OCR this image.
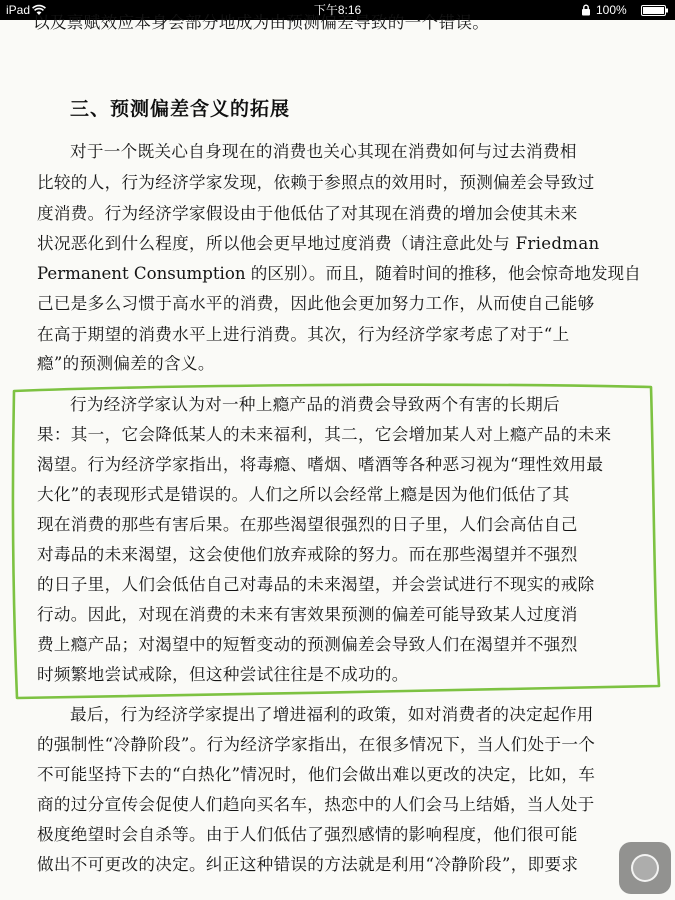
iPad	下午8:16	100%
以及禀赋效应本身会部分地成为由预测偏差导致的一个错误。
三、预测偏差含义的拓展
对于一个既关心自身现在的消费也关心其现在消费如何与过去消费相
比较的人，行为经济学家发现，依赖于参照点的效用时，预测偏差会导致过
度消费。行为经济学家假设由于他低估了对其现在消费的增加会使其未来
状况恶化到什么程度，所以他会更早地过度消费（请注意此处与 Friedman
Permanent Consumption 的区别）。而且，随着时间的推移，他会惊奇地发现自
己已是多么习惯于高水平的消费，因此他会更加努力工作，从而使自己能够
在高于期望的消费水平上进行消费。其次，行为经济学家考虑了对于“上
瘾”的预测偏差的含义。
行为经济学家认为对一种上瘾产品的消费会导致两个有害的长期后
果：其一，它会降低某人的未来福利，其二，它会增加某人对上瘾产品的未来
渴望。行为经济学家指出，将毒瘾、嗜烟、嗜酒等各种恶习视为“理性效用最
大化”的表现形式是错误的。人们之所以会经常上瘾是因为他们低估了其
现在消费的那些有害后果。在那些渴望很强烈的日子里，人们会高估自己
对毒品的未来渴望，这会使他们放弃戒除的努力。而在那些渴望并不强烈
的日子里，人们会低估自己对毒品的未来渴望，并会尝试进行不现实的戒除
行动。因此，对现在消费的未来有害效果预测的偏差可能导致某人过度消
费上瘾产品；对渴望中的短暂变动的预测偏差会导致人们在渴望并不强烈
时频繁地尝试戒除，但这种尝试往往是不成功的。
最后，行为经济学家提出了增进福利的政策，如对消费者的决定起作用
的强制性“冷静阶段”。行为经济学家指出，在很多情况下，当人们处于一个
不可能坚持下去的“白热化”情况时，他们会做出难以更改的决定，比如，车
商的过分宣传会促使人们趋向买名车，热恋中的人们会马上结婚，当人处于
极度绝望时会自杀等。由于人们低估了强烈感情的影响程度，他们很可能
做出不可更改的决定。纠正这种错误的方法就是利用“冷静阶段”，即要求
